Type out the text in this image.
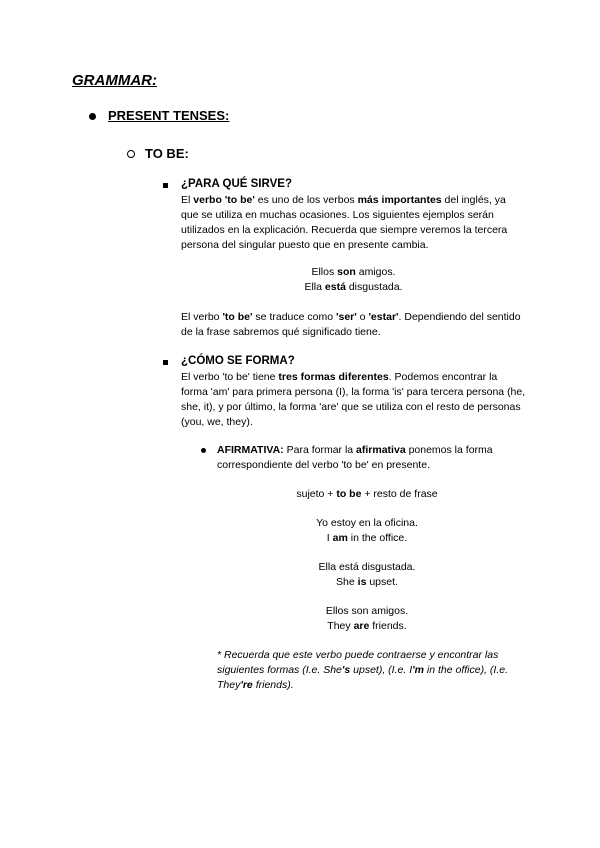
GRAMMAR:
PRESENT TENSES:
TO BE:
¿PARA QUÉ SIRVE?
El verbo 'to be' es uno de los verbos más importantes del inglés, ya que se utiliza en muchas ocasiones. Los siguientes ejemplos serán utilizados en la explicación. Recuerda que siempre veremos la tercera persona del singular puesto que en presente cambia.
Ellos son amigos.
Ella está disgustada.
El verbo 'to be' se traduce como 'ser' o 'estar'. Dependiendo del sentido de la frase sabremos qué significado tiene.
¿CÓMO SE FORMA?
El verbo 'to be' tiene tres formas diferentes. Podemos encontrar la forma 'am' para primera persona (I), la forma 'is' para tercera persona (he, she, it), y por último, la forma 'are' que se utiliza con el resto de personas (you, we, they).
AFIRMATIVA: Para formar la afirmativa ponemos la forma correspondiente del verbo 'to be' en presente.
sujeto + to be + resto de frase
Yo estoy en la oficina.
I am in the office.
Ella está disgustada.
She is upset.
Ellos son amigos.
They are friends.
* Recuerda que este verbo puede contraerse y encontrar las siguientes formas (I.e. She's upset), (I.e. I'm in the office), (I.e. They're friends).
